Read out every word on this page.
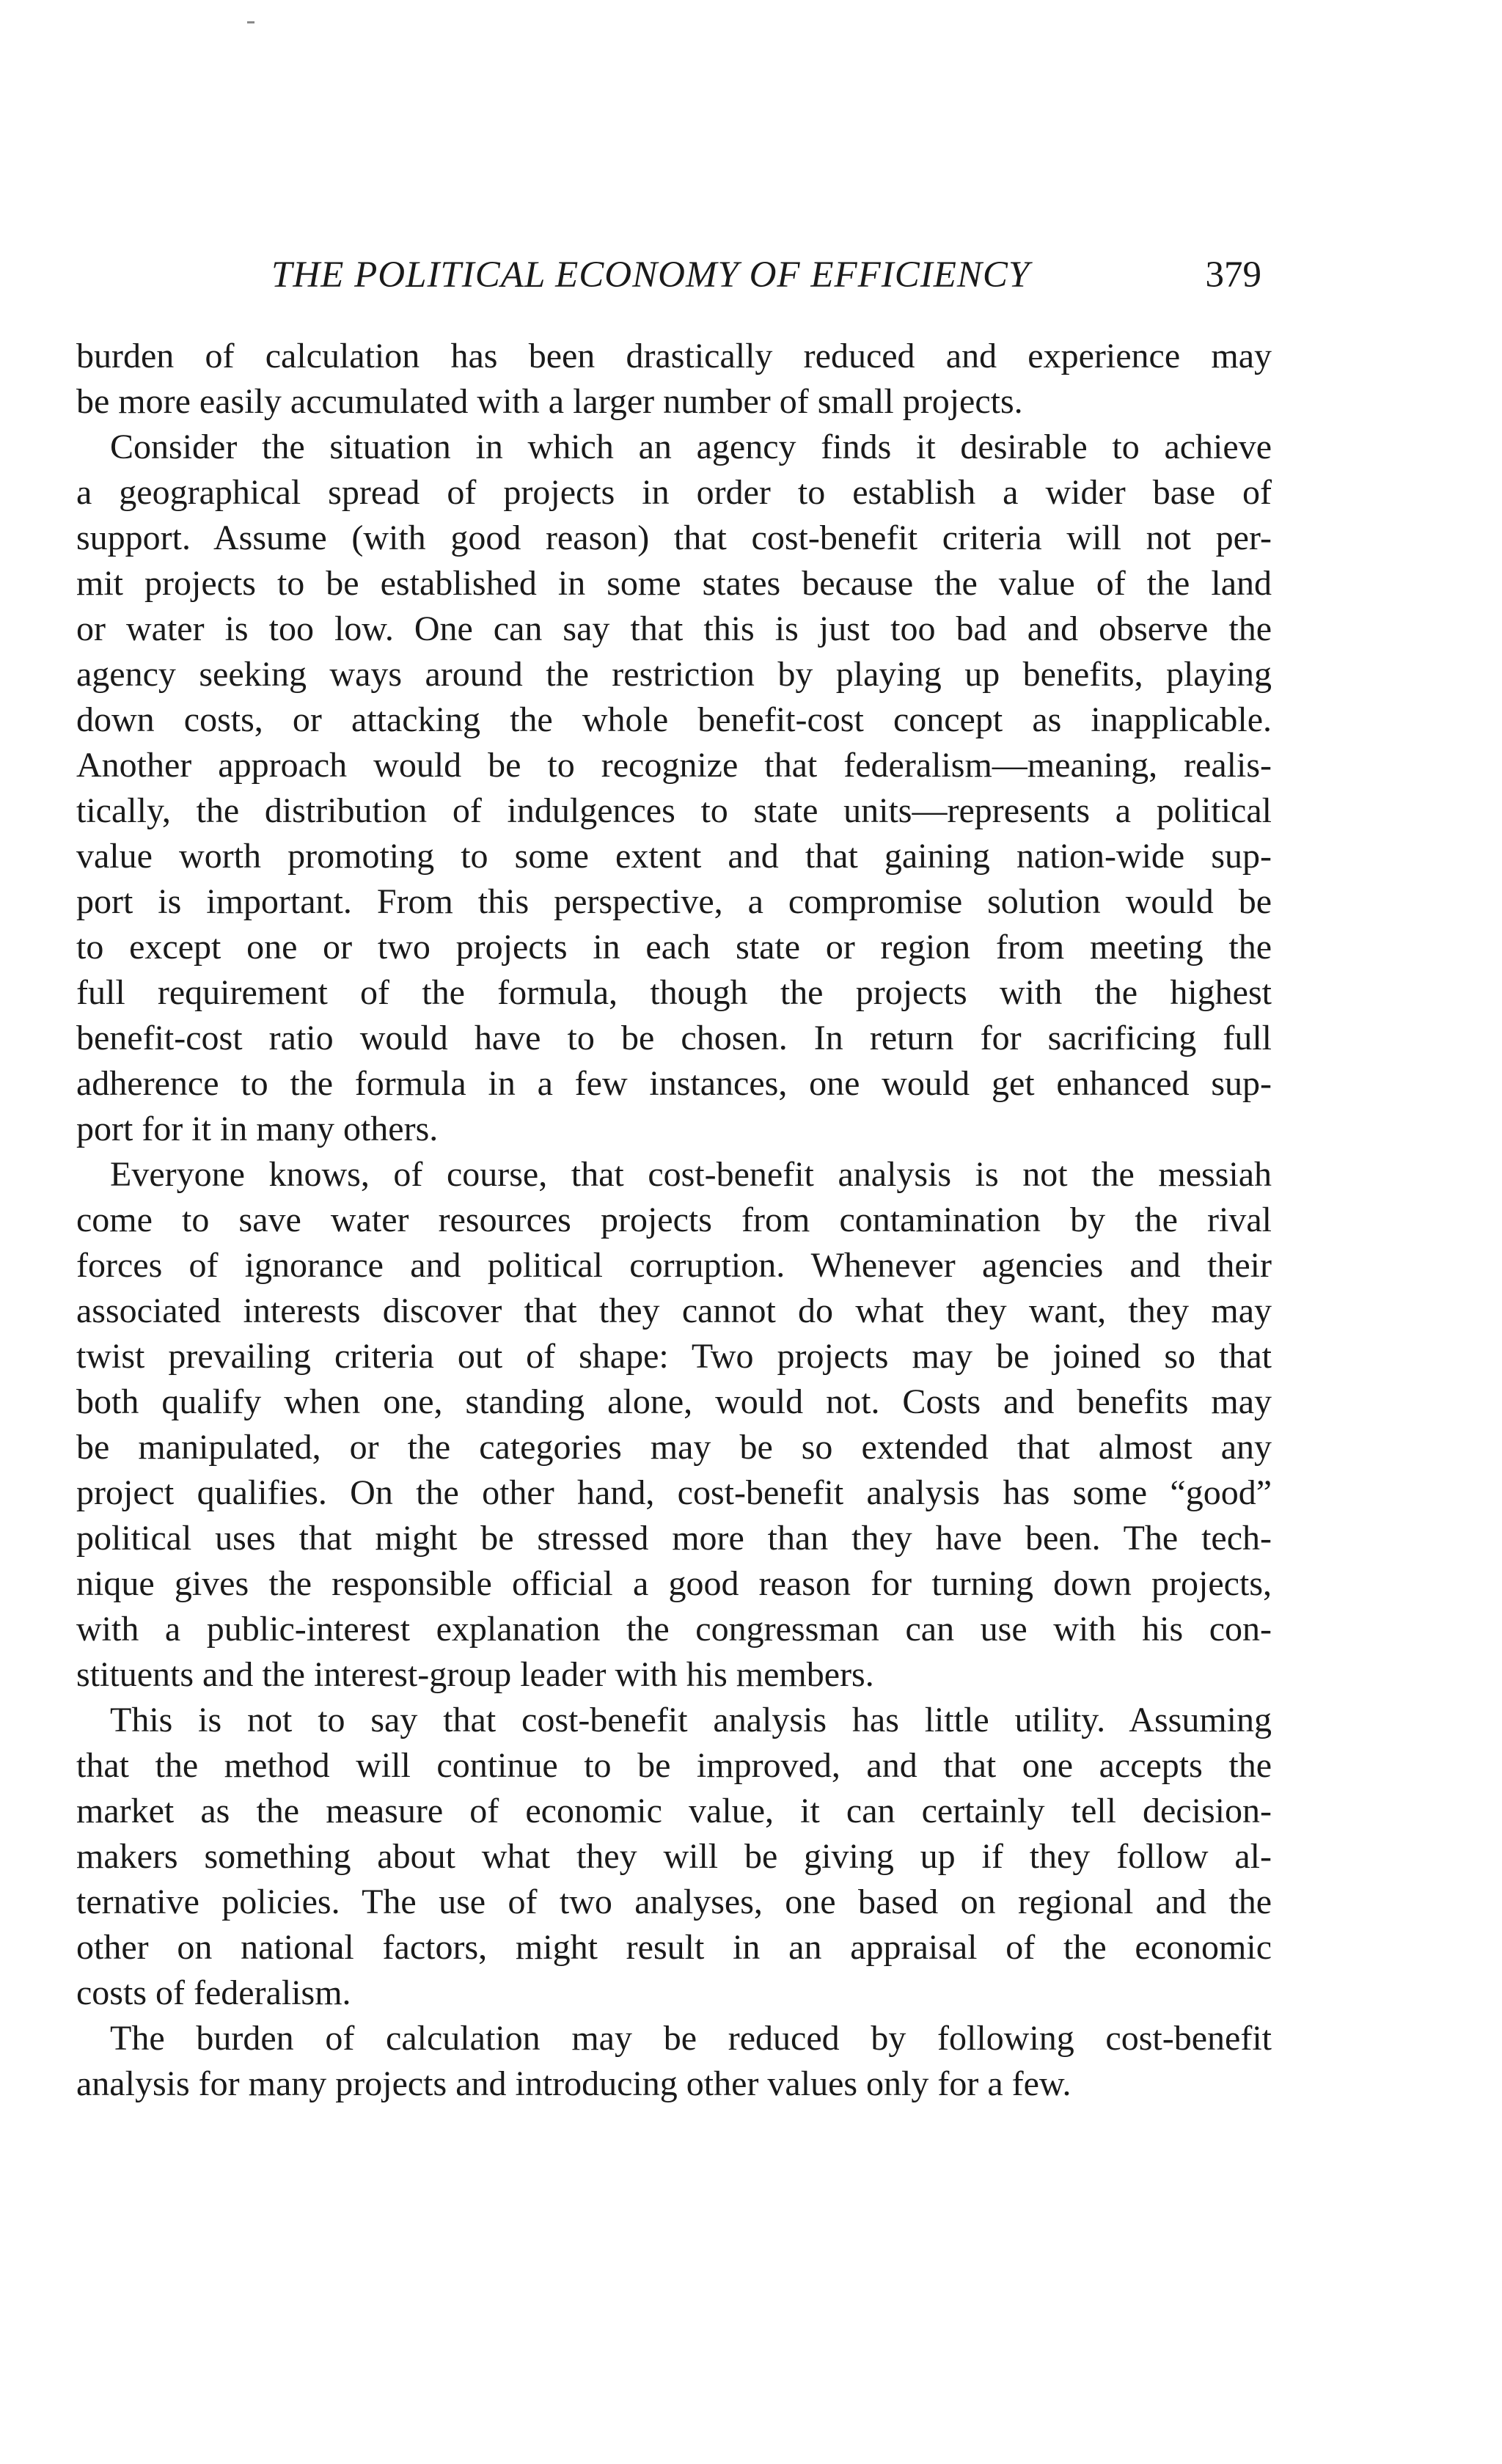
THE POLITICAL ECONOMY OF EFFICIENCY	379
burden of calculation has been drastically reduced and experience may
be more easily accumulated with a larger number of small projects.
Consider the situation in which an agency finds it desirable to achieve
a geographical spread of projects in order to establish a wider base of
support. Assume (with good reason) that cost-benefit criteria will not per-
mit projects to be established in some states because the value of the land
or water is too low. One can say that this is just too bad and observe the
agency seeking ways around the restriction by playing up benefits, playing
down costs, or attacking the whole benefit-cost concept as inapplicable.
Another approach would be to recognize that federalism—meaning, realis-
tically, the distribution of indulgences to state units—represents a political
value worth promoting to some extent and that gaining nation-wide sup-
port is important. From this perspective, a compromise solution would be
to except one or two projects in each state or region from meeting the
full requirement of the formula, though the projects with the highest
benefit-cost ratio would have to be chosen. In return for sacrificing full
adherence to the formula in a few instances, one would get enhanced sup-
port for it in many others.
Everyone knows, of course, that cost-benefit analysis is not the messiah
come to save water resources projects from contamination by the rival
forces of ignorance and political corruption. Whenever agencies and their
associated interests discover that they cannot do what they want, they may
twist prevailing criteria out of shape: Two projects may be joined so that
both qualify when one, standing alone, would not. Costs and benefits may
be manipulated, or the categories may be so extended that almost any
project qualifies. On the other hand, cost-benefit analysis has some “good”
political uses that might be stressed more than they have been. The tech-
nique gives the responsible official a good reason for turning down projects,
with a public-interest explanation the congressman can use with his con-
stituents and the interest-group leader with his members.
This is not to say that cost-benefit analysis has little utility. Assuming
that the method will continue to be improved, and that one accepts the
market as the measure of economic value, it can certainly tell decision-
makers something about what they will be giving up if they follow al-
ternative policies. The use of two analyses, one based on regional and the
other on national factors, might result in an appraisal of the economic
costs of federalism.
The burden of calculation may be reduced by following cost-benefit
analysis for many projects and introducing other values only for a few.
